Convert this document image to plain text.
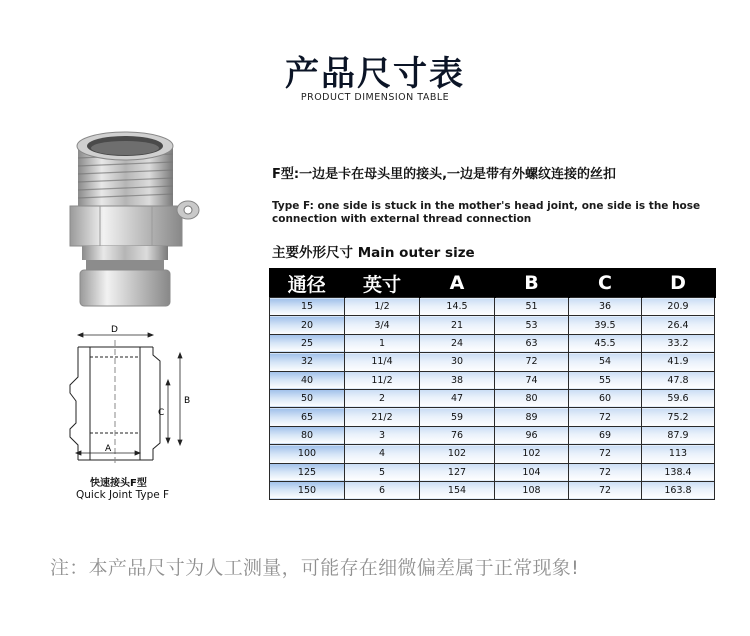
产品尺寸表
PRODUCT DIMENSION TABLE
D
A
B
C
快速接头F型
Quick Joint Type F
F型:一边是卡在母头里的接头,一边是带有外螺纹连接的丝扣
Type F: one side is stuck in the mother's head joint, one side is the hose connection with external thread connection
主要外形尺寸 Main outer size
通径	英寸	A	B	C	D
15	1/2	14.5	51	36	20.9
20	3/4	21	53	39.5	26.4
25	1	24	63	45.5	33.2
32	11/4	30	72	54	41.9
40	11/2	38	74	55	47.8
50	2	47	80	60	59.6
65	21/2	59	89	72	75.2
80	3	76	96	69	87.9
100	4	102	102	72	113
125	5	127	104	72	138.4
150	6	154	108	72	163.8
注：本产品尺寸为人工测量，可能存在细微偏差属于正常现象!
